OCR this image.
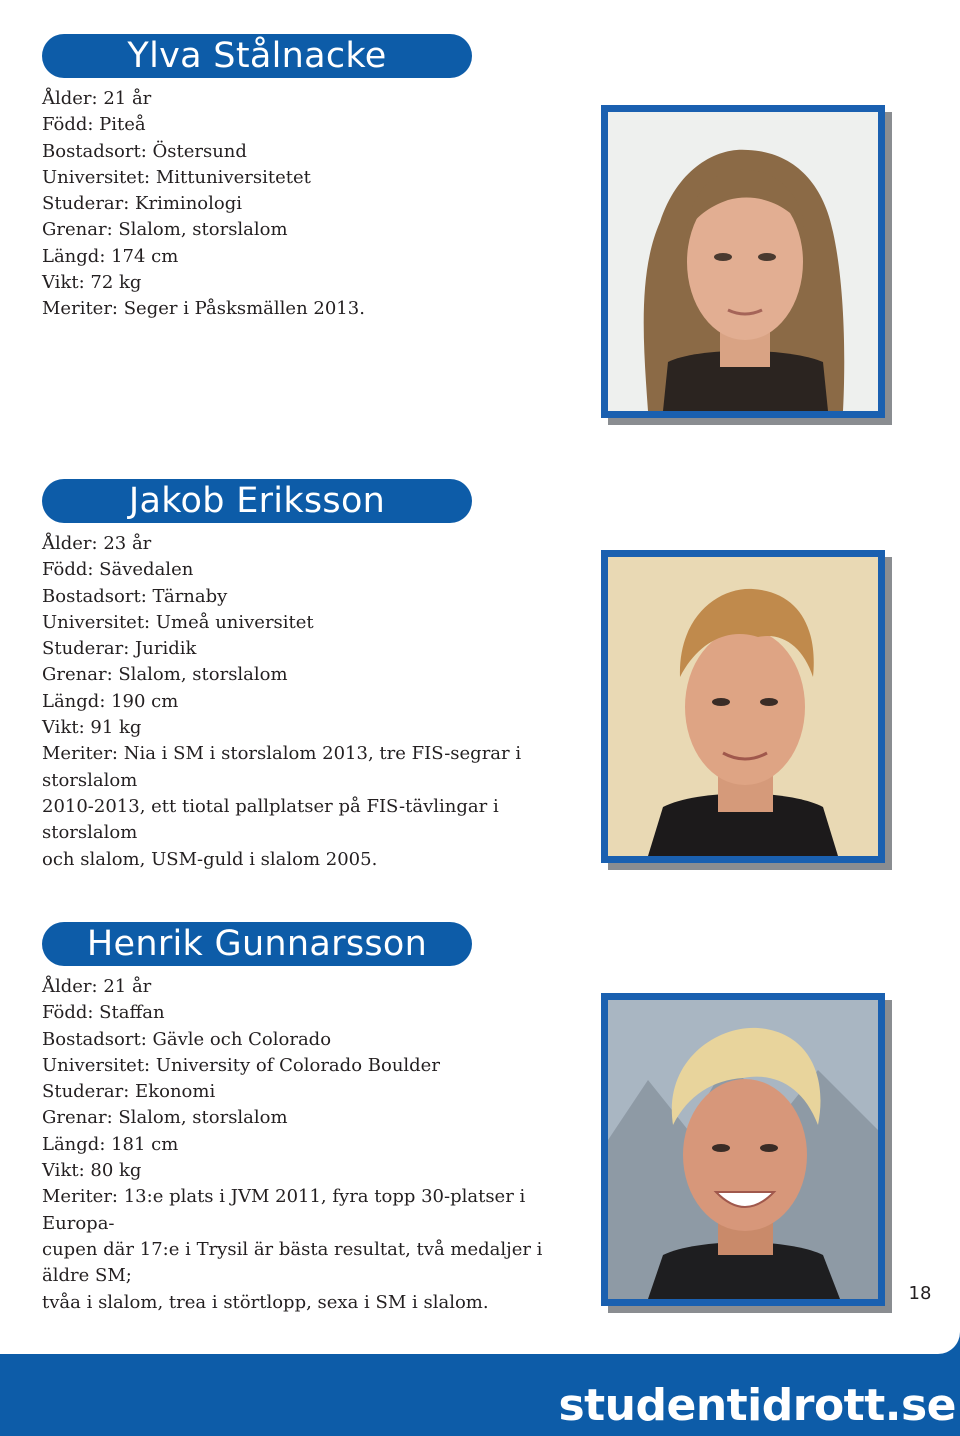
Ylva Stålnacke

Ålder: 21 år

Född: Piteå

Bostadsort: Östersund

Universitet: Mittuniversitetet

Studerar: Kriminologi

Grenar: Slalom, storslalom

Längd: 174 cm

Vikt: 72 kg

Meriter: Seger i Påsksmällen 2013.

Jakob Eriksson

Ålder: 23 år

Född: Sävedalen

Bostadsort: Tärnaby

Universitet: Umeå universitet

Studerar: Juridik

Grenar: Slalom, storslalom

Längd: 190 cm

Vikt: 91 kg

Meriter: Nia i SM i storslalom 2013, tre FIS-segrar i storslalom

2010-2013, ett tiotal pallplatser på FIS-tävlingar i storslalom

och slalom, USM-guld i slalom 2005.

Henrik Gunnarsson

Ålder: 21 år

Född: Staffan

Bostadsort: Gävle och Colorado

Universitet: University of Colorado Boulder

Studerar: Ekonomi

Grenar: Slalom, storslalom

Längd: 181 cm

Vikt: 80 kg

Meriter: 13:e plats i JVM 2011, fyra topp 30-platser i Europa-

cupen där 17:e i Trysil är bästa resultat, två medaljer i äldre SM;

tvåa i slalom, trea i störtlopp, sexa i SM i slalom.	18
studentidrott.se
